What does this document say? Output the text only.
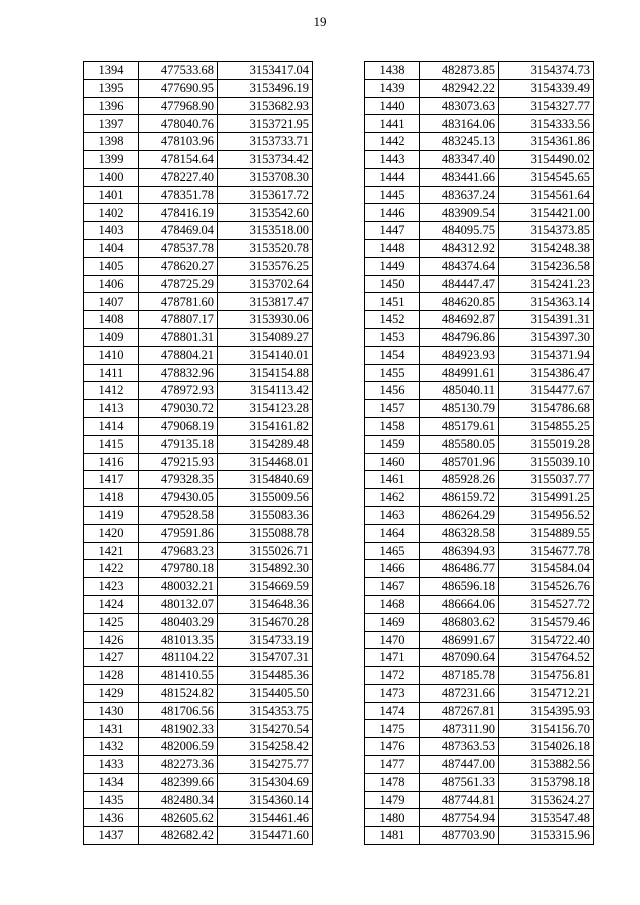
19
1394	477533.68	3153417.04
1395	477690.95	3153496.19
1396	477968.90	3153682.93
1397	478040.76	3153721.95
1398	478103.96	3153733.71
1399	478154.64	3153734.42
1400	478227.40	3153708.30
1401	478351.78	3153617.72
1402	478416.19	3153542.60
1403	478469.04	3153518.00
1404	478537.78	3153520.78
1405	478620.27	3153576.25
1406	478725.29	3153702.64
1407	478781.60	3153817.47
1408	478807.17	3153930.06
1409	478801.31	3154089.27
1410	478804.21	3154140.01
1411	478832.96	3154154.88
1412	478972.93	3154113.42
1413	479030.72	3154123.28
1414	479068.19	3154161.82
1415	479135.18	3154289.48
1416	479215.93	3154468.01
1417	479328.35	3154840.69
1418	479430.05	3155009.56
1419	479528.58	3155083.36
1420	479591.86	3155088.78
1421	479683.23	3155026.71
1422	479780.18	3154892.30
1423	480032.21	3154669.59
1424	480132.07	3154648.36
1425	480403.29	3154670.28
1426	481013.35	3154733.19
1427	481104.22	3154707.31
1428	481410.55	3154485.36
1429	481524.82	3154405.50
1430	481706.56	3154353.75
1431	481902.33	3154270.54
1432	482006.59	3154258.42
1433	482273.36	3154275.77
1434	482399.66	3154304.69
1435	482480.34	3154360.14
1436	482605.62	3154461.46
1437	482682.42	3154471.60
1438	482873.85	3154374.73
1439	482942.22	3154339.49
1440	483073.63	3154327.77
1441	483164.06	3154333.56
1442	483245.13	3154361.86
1443	483347.40	3154490.02
1444	483441.66	3154545.65
1445	483637.24	3154561.64
1446	483909.54	3154421.00
1447	484095.75	3154373.85
1448	484312.92	3154248.38
1449	484374.64	3154236.58
1450	484447.47	3154241.23
1451	484620.85	3154363.14
1452	484692.87	3154391.31
1453	484796.86	3154397.30
1454	484923.93	3154371.94
1455	484991.61	3154386.47
1456	485040.11	3154477.67
1457	485130.79	3154786.68
1458	485179.61	3154855.25
1459	485580.05	3155019.28
1460	485701.96	3155039.10
1461	485928.26	3155037.77
1462	486159.72	3154991.25
1463	486264.29	3154956.52
1464	486328.58	3154889.55
1465	486394.93	3154677.78
1466	486486.77	3154584.04
1467	486596.18	3154526.76
1468	486664.06	3154527.72
1469	486803.62	3154579.46
1470	486991.67	3154722.40
1471	487090.64	3154764.52
1472	487185.78	3154756.81
1473	487231.66	3154712.21
1474	487267.81	3154395.93
1475	487311.90	3154156.70
1476	487363.53	3154026.18
1477	487447.00	3153882.56
1478	487561.33	3153798.18
1479	487744.81	3153624.27
1480	487754.94	3153547.48
1481	487703.90	3153315.96
